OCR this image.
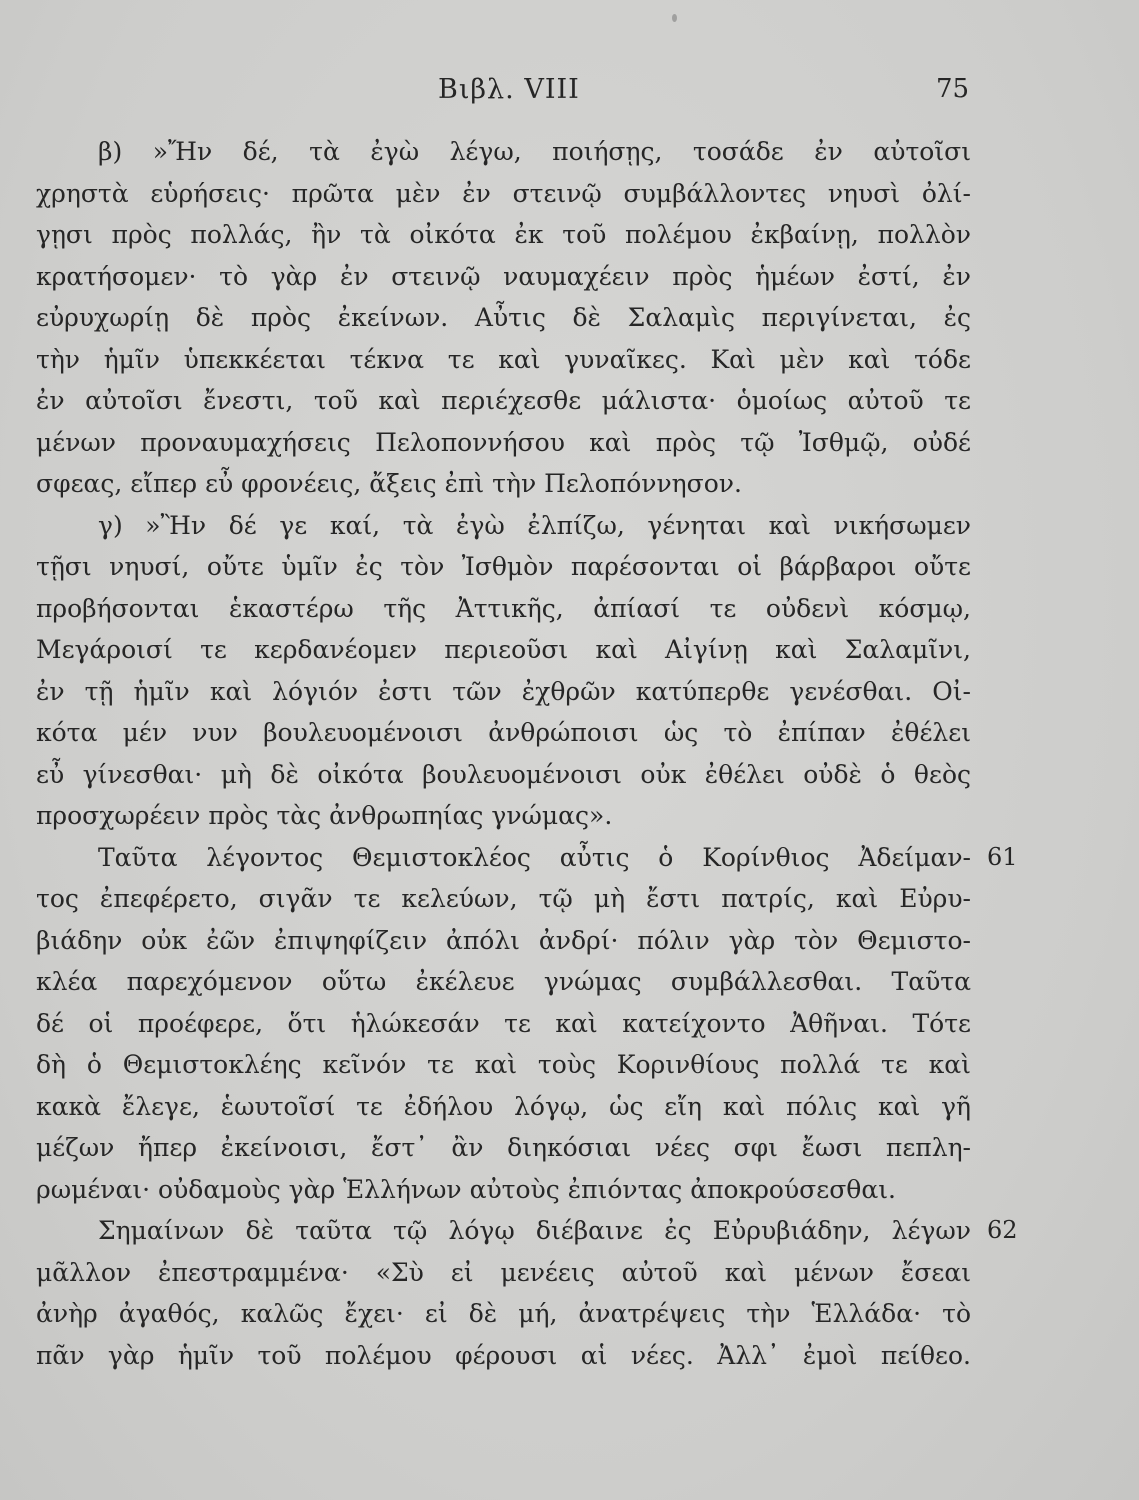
Βιβλ. VIII	75
β) »Ἤν δέ, τὰ ἐγὼ λέγω, ποιήσῃς, τοσάδε ἐν αὐτοῖσι
χρηστὰ εὑρήσεις· πρῶτα μὲν ἐν στεινῷ συμβάλλοντες νηυσὶ ὀλί-
γῃσι πρὸς πολλάς, ἢν τὰ οἰκότα ἐκ τοῦ πολέμου ἐκβαίνῃ, πολλὸν
κρατήσομεν· τὸ γὰρ ἐν στεινῷ ναυμαχέειν πρὸς ἡμέων ἐστί, ἐν
εὐρυχωρίῃ δὲ πρὸς ἐκείνων. Αὖτις δὲ Σαλαμὶς περιγίνεται, ἐς
τὴν ἡμῖν ὑπεκκέεται τέκνα τε καὶ γυναῖκες. Καὶ μὲν καὶ τόδε
ἐν αὐτοῖσι ἔνεστι, τοῦ καὶ περιέχεσθε μάλιστα· ὁμοίως αὐτοῦ τε
μένων προναυμαχήσεις Πελοποννήσου καὶ πρὸς τῷ Ἰσθμῷ, οὐδέ
σφεας, εἴπερ εὖ φρονέεις, ἄξεις ἐπὶ τὴν Πελοπόννησον.
γ) »Ἢν δέ γε καί, τὰ ἐγὼ ἐλπίζω, γένηται καὶ νικήσωμεν
τῇσι νηυσί, οὔτε ὑμῖν ἐς τὸν Ἰσθμὸν παρέσονται οἱ βάρβαροι οὔτε
προβήσονται ἑκαστέρω τῆς Ἀττικῆς, ἀπίασί τε οὐδενὶ κόσμῳ,
Μεγάροισί τε κερδανέομεν περιεοῦσι καὶ Αἰγίνῃ καὶ Σαλαμῖνι,
ἐν τῇ ἡμῖν καὶ λόγιόν ἐστι τῶν ἐχθρῶν κατύπερθε γενέσθαι. Οἰ-
κότα μέν νυν βουλευομένοισι ἀνθρώποισι ὡς τὸ ἐπίπαν ἐθέλει
εὖ γίνεσθαι· μὴ δὲ οἰκότα βουλευομένοισι οὐκ ἐθέλει οὐδὲ ὁ θεὸς
προσχωρέειν πρὸς τὰς ἀνθρωπηίας γνώμας».
Ταῦτα λέγοντος Θεμιστοκλέος αὖτις ὁ Κορίνθιος Ἀδείμαν-
τος ἐπεφέρετο, σιγᾶν τε κελεύων, τῷ μὴ ἔστι πατρίς, καὶ Εὐρυ-
βιάδην οὐκ ἐῶν ἐπιψηφίζειν ἀπόλι ἀνδρί· πόλιν γὰρ τὸν Θεμιστο-
κλέα παρεχόμενον οὕτω ἐκέλευε γνώμας συμβάλλεσθαι. Ταῦτα
δέ οἱ προέφερε, ὅτι ἡλώκεσάν τε καὶ κατείχοντο Ἀθῆναι. Τότε
δὴ ὁ Θεμιστοκλέης κεῖνόν τε καὶ τοὺς Κορινθίους πολλά τε καὶ
κακὰ ἔλεγε, ἑωυτοῖσί τε ἐδήλου λόγῳ, ὡς εἴη καὶ πόλις καὶ γῆ
μέζων ἤπερ ἐκείνοισι, ἔστ᾽ ἂν διηκόσιαι νέες σφι ἔωσι πεπλη-
ρωμέναι· οὐδαμοὺς γὰρ Ἑλλήνων αὐτοὺς ἐπιόντας ἀποκρούσεσθαι.
Σημαίνων δὲ ταῦτα τῷ λόγῳ διέβαινε ἐς Εὐρυβιάδην, λέγων
μᾶλλον ἐπεστραμμένα· «Σὺ εἰ μενέεις αὐτοῦ καὶ μένων ἔσεαι
ἀνὴρ ἀγαθός, καλῶς ἔχει· εἰ δὲ μή, ἀνατρέψεις τὴν Ἑλλάδα· τὸ
πᾶν γὰρ ἡμῖν τοῦ πολέμου φέρουσι αἱ νέες. Ἀλλ᾽ ἐμοὶ πείθεο.
61
62
